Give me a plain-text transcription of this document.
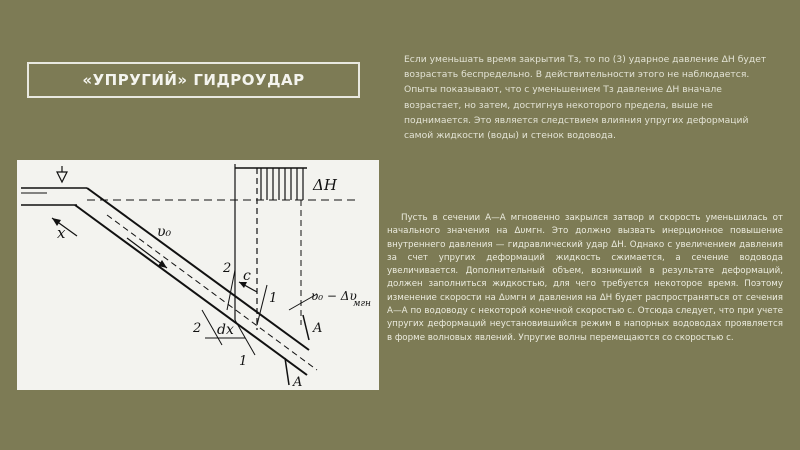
«УПРУГИЙ» ГИДРОУДАР
Если уменьшать время закрытия Тз, то по (3) ударное давление ΔН будет возрастать беспредельно. В действительности этого не наблюдается. Опыты показывают, что с уменьшением Тз давление ΔН вначале возрастает, но затем, достигнув некоторого предела, выше не поднимается. Это является следствием влияния упругих деформаций самой жидкости (воды) и стенок водовода.
ΔH
x	υ₀
2
1
c
υ₀ − Δυ
мгн
dx
2
1
A
A
Пусть в сечении А—А мгновенно закрылся затвор и скорость уменьшилась от начального значения на Δυмгн. Это должно вызвать инерционное повышение внутреннего давления — гидравлический удар ΔН. Однако с увеличением давления за счет упругих деформаций жидкость сжимается, а сечение водовода увеличивается. Дополнительный объем, возникший в результате деформаций, должен заполниться жидкостью, для чего требуется некоторое время. Поэтому изменение скорости на Δυмгн и давления на ΔН будет распространяться от сечения А—А по водоводу с некоторой конечной скоростью с. Отсюда следует, что при учете упругих деформаций неустановившийся режим в напорных водоводах проявляется в форме волновых явлений. Упругие волны перемещаются со скоростью с.
